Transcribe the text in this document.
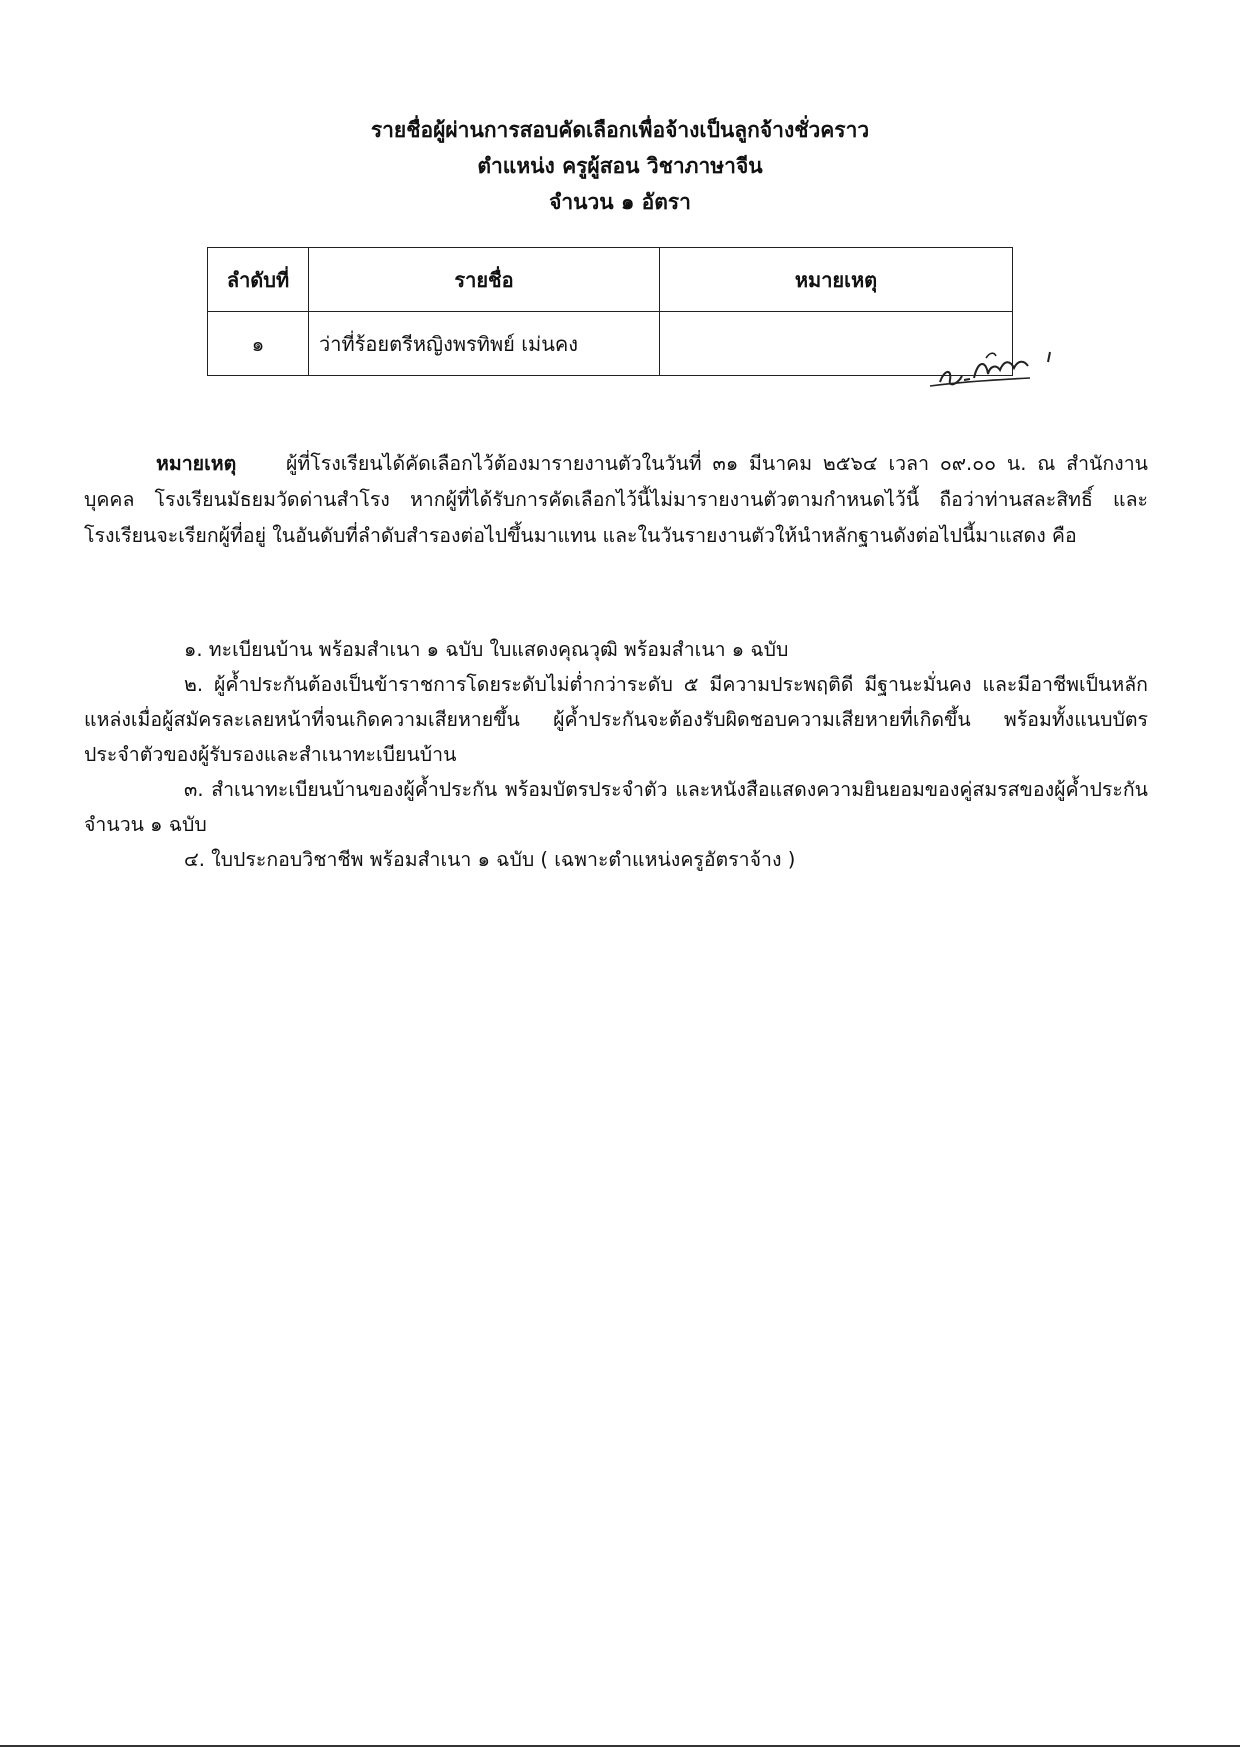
รายชื่อผู้ผ่านการสอบคัดเลือกเพื่อจ้างเป็นลูกจ้างชั่วคราว
ตำแหน่ง ครูผู้สอน วิชาภาษาจีน
จำนวน ๑ อัตรา
ลำดับที่	รายชื่อ	หมายเหตุ
๑	ว่าที่ร้อยตรีหญิงพรทิพย์ เม่นคง	

หมายเหตุ	ผู้ที่โรงเรียนได้คัดเลือกไว้ต้องมารายงานตัวในวันที่ ๓๑ มีนาคม ๒๕๖๔ เวลา ๐๙.๐๐ น. ณ สำนักงานบุคคล โรงเรียนมัธยมวัดด่านสำโรง หากผู้ที่ได้รับการคัดเลือกไว้นี้ไม่มารายงานตัวตามกำหนดไว้นี้ ถือว่าท่านสละสิทธิ์ และโรงเรียนจะเรียกผู้ที่อยู่ ในอันดับที่ลำดับสำรองต่อไปขึ้นมาแทน และในวันรายงานตัวให้นำหลักฐานดังต่อไปนี้มาแสดง คือ

๑. ทะเบียนบ้าน พร้อมสำเนา ๑ ฉบับ ใบแสดงคุณวุฒิ พร้อมสำเนา ๑ ฉบับ

๒. ผู้ค้ำประกันต้องเป็นข้าราชการโดยระดับไม่ต่ำกว่าระดับ ๕ มีความประพฤติดี มีฐานะมั่นคง และมีอาชีพเป็นหลักแหล่งเมื่อผู้สมัครละเลยหน้าที่จนเกิดความเสียหายขึ้น ผู้ค้ำประกันจะต้องรับผิดชอบความเสียหายที่เกิดขึ้น พร้อมทั้งแนบบัตรประจำตัวของผู้รับรองและสำเนาทะเบียนบ้าน

๓. สำเนาทะเบียนบ้านของผู้ค้ำประกัน พร้อมบัตรประจำตัว และหนังสือแสดงความยินยอมของคู่สมรสของผู้ค้ำประกัน จำนวน ๑ ฉบับ

๔. ใบประกอบวิชาชีพ พร้อมสำเนา ๑ ฉบับ ( เฉพาะตำแหน่งครูอัตราจ้าง )
